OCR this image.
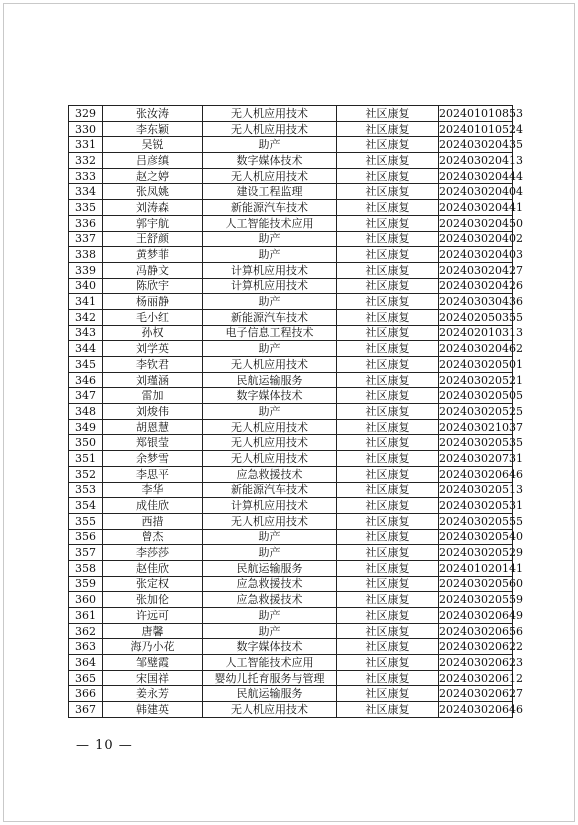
329	张汝涛	无人机应用技术	社区康复	202401010853
330	李东颖	无人机应用技术	社区康复	202401010524
331	吴锐	助产	社区康复	202403020435
332	吕彦缜	数字媒体技术	社区康复	202403020413
333	赵之婷	无人机应用技术	社区康复	202403020444
334	张凤姚	建设工程监理	社区康复	202403020404
335	刘涛森	新能源汽车技术	社区康复	202403020441
336	郭宇航	人工智能技术应用	社区康复	202403020450
337	王舒颜	助产	社区康复	202403020402
338	黄梦菲	助产	社区康复	202403020403
339	冯静文	计算机应用技术	社区康复	202403020427
340	陈欣宇	计算机应用技术	社区康复	202403020426
341	杨丽静	助产	社区康复	202403030436
342	毛小红	新能源汽车技术	社区康复	202402050355
343	孙权	电子信息工程技术	社区康复	202402010313
344	刘学英	助产	社区康复	202403020462
345	李钦君	无人机应用技术	社区康复	202403020501
346	刘瑾涵	民航运输服务	社区康复	202403020521
347	雷加	数字媒体技术	社区康复	202403020505
348	刘焌伟	助产	社区康复	202403020525
349	胡恩慧	无人机应用技术	社区康复	202403021037
350	郑银莹	无人机应用技术	社区康复	202403020535
351	余梦雪	无人机应用技术	社区康复	202403020731
352	李思平	应急救援技术	社区康复	202403020646
353	李华	新能源汽车技术	社区康复	202403020513
354	成佳欣	计算机应用技术	社区康复	202403020531
355	西措	无人机应用技术	社区康复	202403020555
356	曾杰	助产	社区康复	202403020540
357	李莎莎	助产	社区康复	202403020529
358	赵佳欣	民航运输服务	社区康复	202401020141
359	张定权	应急救援技术	社区康复	202403020560
360	张加伦	应急救援技术	社区康复	202403020559
361	许远可	助产	社区康复	202403020649
362	唐馨	助产	社区康复	202403020656
363	海乃小花	数字媒体技术	社区康复	202403020622
364	邹璧霞	人工智能技术应用	社区康复	202403020623
365	宋国祥	婴幼儿托育服务与管理	社区康复	202403020612
366	姜永芳	民航运输服务	社区康复	202403020627
367	韩建英	无人机应用技术	社区康复	202403020646
— 10 —
